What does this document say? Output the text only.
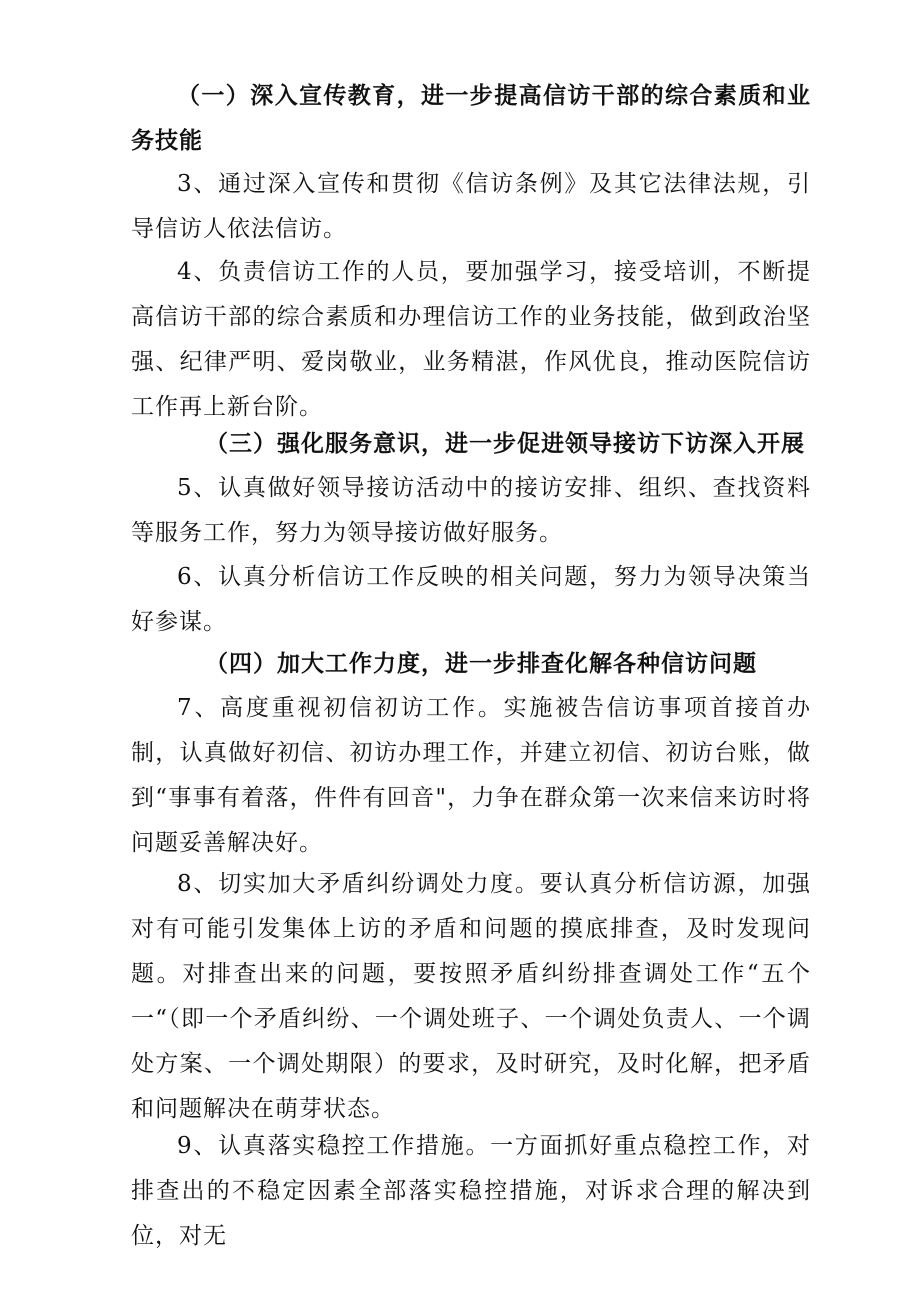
（一）深入宣传教育，进一步提高信访干部的综合素质和业务技能

3、通过深入宣传和贯彻《信访条例》及其它法律法规，引导信访人依法信访。

4、负责信访工作的人员，要加强学习，接受培训，不断提高信访干部的综合素质和办理信访工作的业务技能，做到政治坚强、纪律严明、爱岗敬业，业务精湛，作风优良，推动医院信访工作再上新台阶。

（三）强化服务意识，进一步促进领导接访下访深入开展

5、认真做好领导接访活动中的接访安排、组织、查找资料等服务工作，努力为领导接访做好服务。

6、认真分析信访工作反映的相关问题，努力为领导决策当好参谋。

（四）加大工作力度，进一步排查化解各种信访问题

7、高度重视初信初访工作。实施被告信访事项首接首办制，认真做好初信、初访办理工作，并建立初信、初访台账，做到“事事有着落，件件有回音"，力争在群众第一次来信来访时将问题妥善解决好。

8、切实加大矛盾纠纷调处力度。要认真分析信访源，加强对有可能引发集体上访的矛盾和问题的摸底排查，及时发现问题。对排查出来的问题，要按照矛盾纠纷排查调处工作“五个一“（即一个矛盾纠纷、一个调处班子、一个调处负责人、一个调处方案、一个调处期限）的要求，及时研究，及时化解，把矛盾和问题解决在萌芽状态。

9、认真落实稳控工作措施。一方面抓好重点稳控工作，对排查出的不稳定因素全部落实稳控措施，对诉求合理的解决到位，对无
